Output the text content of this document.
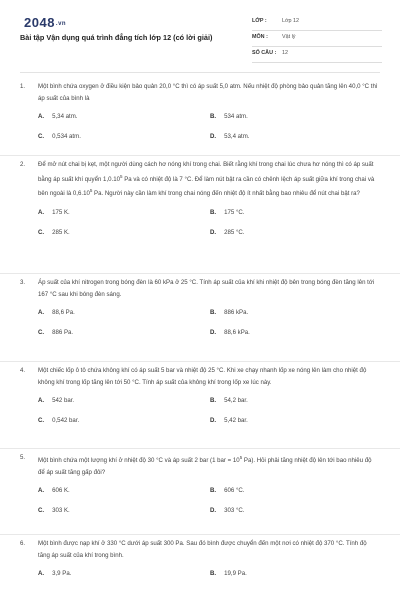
2048.vn
Bài tập Vận dụng quá trình đẳng tích lớp 12 (có lời giải)
LỚP :	Lớp 12
MÔN :	Vật lý
SỐ CÂU : 12
1. Một bình chứa oxygen ở điều kiện bảo quản 20,0 °C thì có áp suất 5,0 atm. Nếu nhiệt độ phòng bảo quản tăng lên 40,0 °C thì áp suất của bình là
A. 5,34 atm.	B. 534 atm.
C. 0,534 atm.	D. 53,4 atm.
2. Để mở nút chai bị kẹt, một người dùng cách hơ nóng khí trong chai. Biết rằng khí trong chai lúc chưa hơ nóng thì có áp suất bằng áp suất khí quyển 1,0.10$^5$ Pa và có nhiệt độ là 7 °C. Để làm nút bật ra cần có chênh lệch áp suất giữa khí trong chai và bên ngoài là 0,6.10$^5$ Pa. Người này cần làm khí trong chai nóng đến nhiệt độ ít nhất bằng bao nhiêu để nút chai bật ra?
A. 175 K.	B. 175 °C.
C. 285 K.	D. 285 °C.
3. Áp suất của khí nitrogen trong bóng đèn là 60 kPa ở 25 °C. Tính áp suất của khí khi nhiệt độ bên trong bóng đèn tăng lên tới 167 °C sau khi bóng đèn sáng.
A. 88,6 Pa.	B. 886 kPa.
C. 886 Pa.	D. 88,6 kPa.
4. Một chiếc lốp ô tô chứa không khí có áp suất 5 bar và nhiệt độ 25 °C. Khi xe chạy nhanh lốp xe nóng lên làm cho nhiệt độ không khí trong lốp tăng lên tới 50 °C. Tính áp suất của không khí trong lốp xe lúc này.
A. 542 bar.	B. 54,2 bar.
C. 0,542 bar.	D. 5,42 bar.
5. Một bình chứa một lượng khí ở nhiệt độ 30 °C và áp suất 2 bar (1 bar = $10^5$ Pa). Hỏi phải tăng nhiệt độ lên tới bao nhiêu độ để áp suất tăng gấp đôi?
A. 606 K.	B. 606 °C.
C. 303 K.	D. 303 °C.
6. Một bình được nạp khí ở 330 °C dưới áp suất 300 Pa. Sau đó bình được chuyển đến một nơi có nhiệt độ 370 °C. Tính độ tăng áp suất của khí trong bình.
A. 3,9 Pa.	B. 19,9 Pa.
